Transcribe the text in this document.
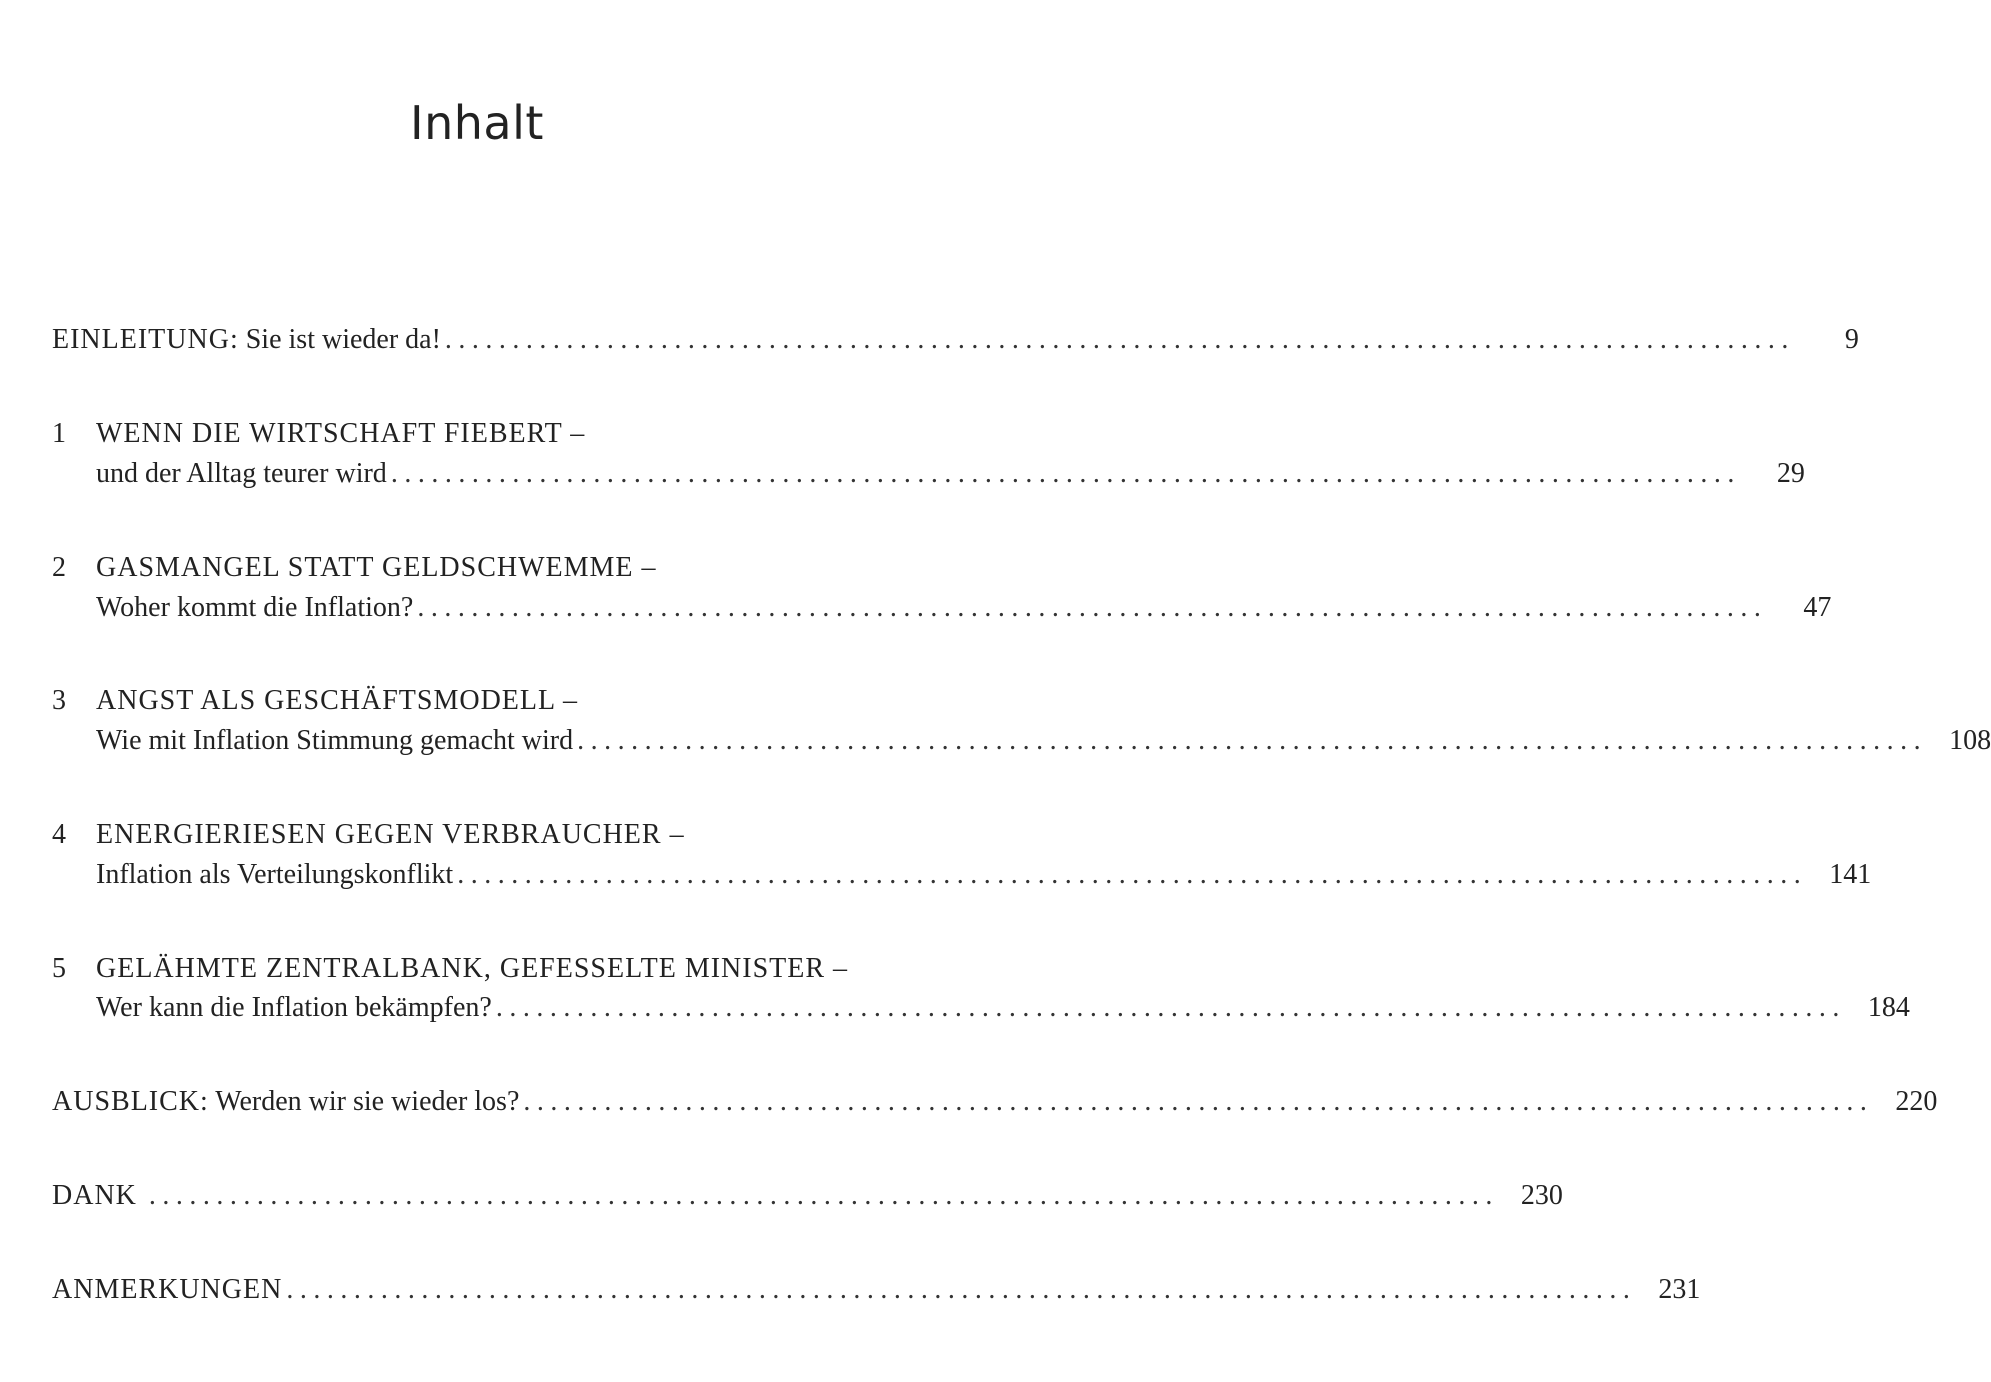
Inhalt
EINLEITUNG: Sie ist wieder da! ....................................................................................................	9
1 WENN DIE WIRTSCHAFT FIEBERT –
und der Alltag teurer wird ....................................................................................................	29
2 GASMANGEL STATT GELDSCHWEMME –
Woher kommt die Inflation? ....................................................................................................	47
3 ANGST ALS GESCHÄFTSMODELL –
Wie mit Inflation Stimmung gemacht wird .................................................................................................... 108
4 ENERGIERIESEN GEGEN VERBRAUCHER –
Inflation als Verteilungskonflikt .................................................................................................... 141
5 GELÄHMTE ZENTRALBANK, GEFESSELTE MINISTER –
Wer kann die Inflation bekämpfen? .................................................................................................... 184
AUSBLICK: Werden wir sie wieder los? .................................................................................................... 220
DANK .................................................................................................... 230
ANMERKUNGEN .................................................................................................... 231
